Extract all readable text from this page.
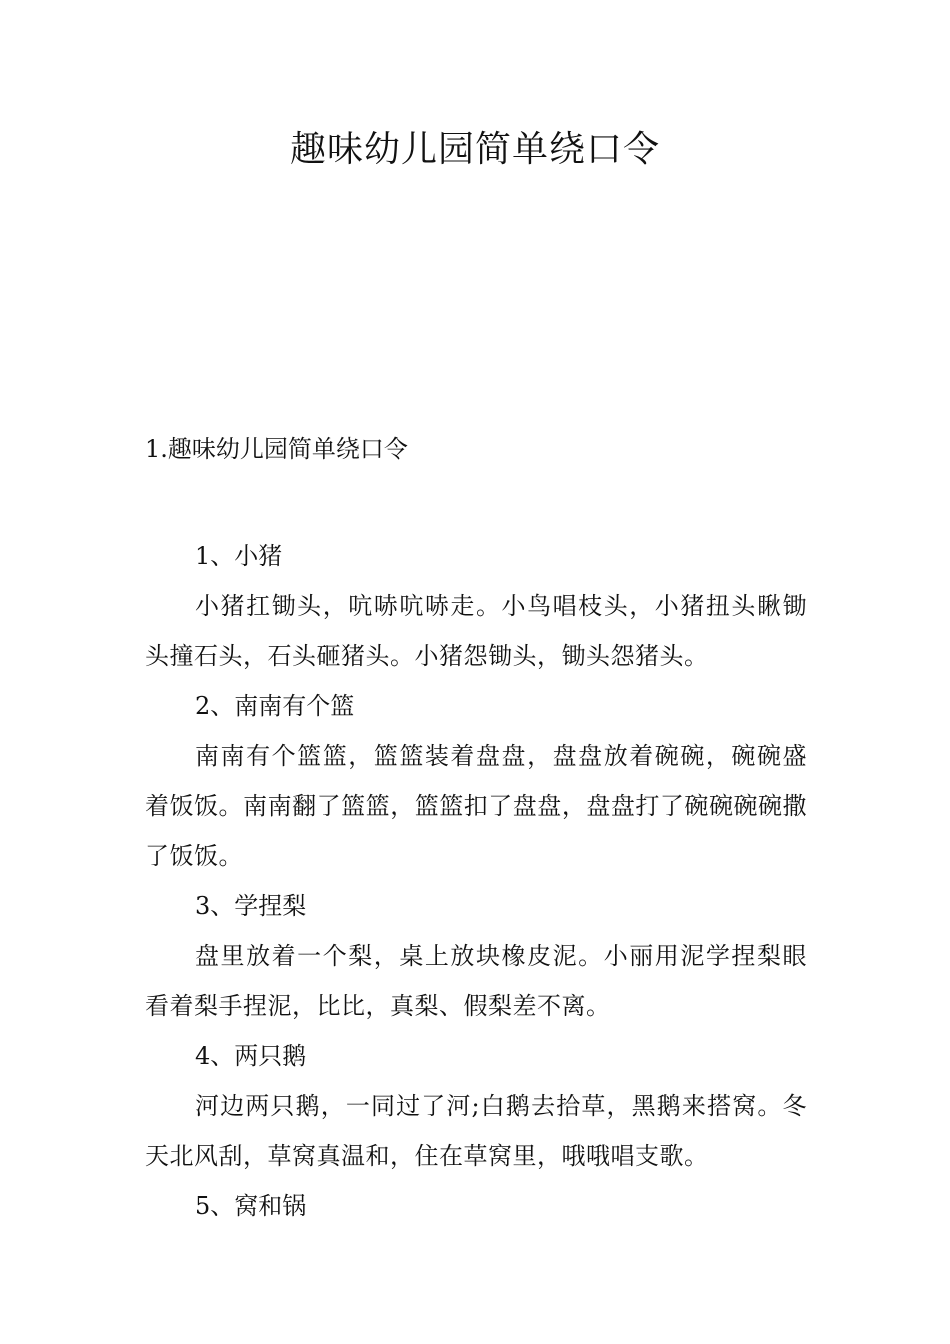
趣味幼儿园简单绕口令
1.趣味幼儿园简单绕口令
1、小猪

小猪扛锄头，吭哧吭哧走。小鸟唱枝头，小猪扭头瞅锄头撞石头，石头砸猪头。小猪怨锄头，锄头怨猪头。

2、南南有个篮

南南有个篮篮，篮篮装着盘盘，盘盘放着碗碗，碗碗盛着饭饭。南南翻了篮篮，篮篮扣了盘盘，盘盘打了碗碗碗碗撒了饭饭。

3、学捏梨

盘里放着一个梨，桌上放块橡皮泥。小丽用泥学捏梨眼看着梨手捏泥，比比，真梨、假梨差不离。

4、两只鹅

河边两只鹅，一同过了河;白鹅去拾草，黑鹅来搭窝。冬天北风刮，草窝真温和，住在草窝里，哦哦唱支歌。

5、窝和锅
